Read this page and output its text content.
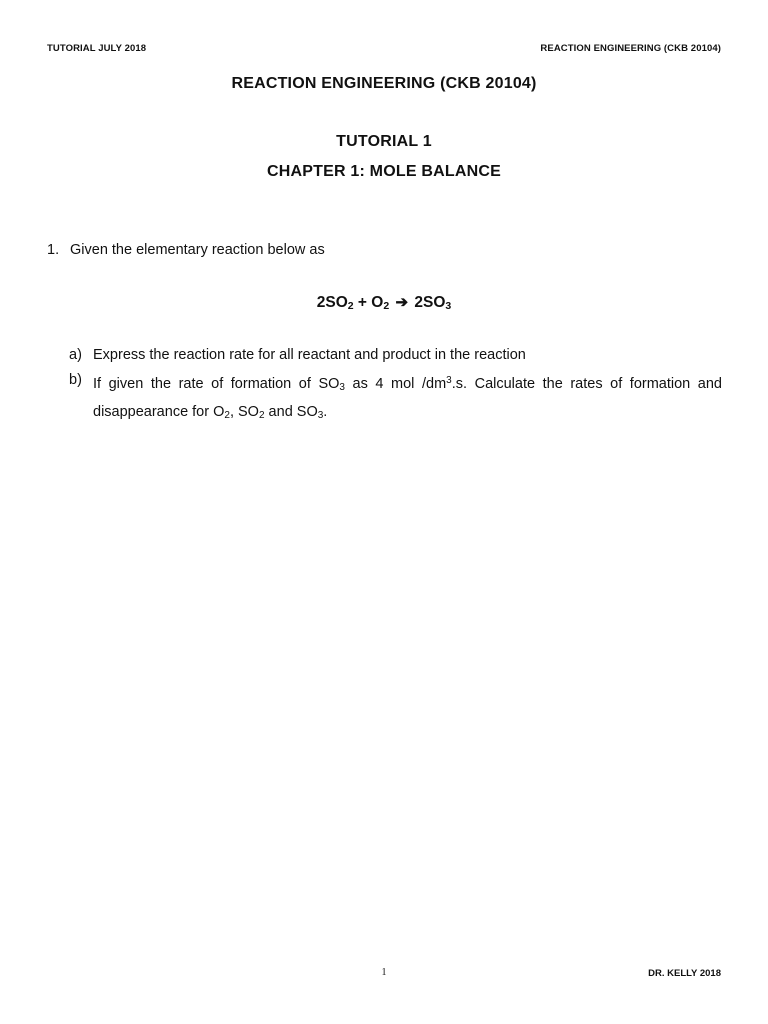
TUTORIAL JULY 2018	REACTION ENGINEERING (CKB 20104)
REACTION ENGINEERING (CKB 20104)
TUTORIAL 1
CHAPTER 1: MOLE BALANCE
1. Given the elementary reaction below as
$2SO_2 + O_2$ ➔ $2SO_3$
a) Express the reaction rate for all reactant and product in the reaction
b) If given the rate of formation of $SO_3$ as 4 mol $/dm^3.s$. Calculate the rates of formation and disappearance for $O_2$, $SO_2$ and $SO_3$.
1	DR. KELLY 2018
